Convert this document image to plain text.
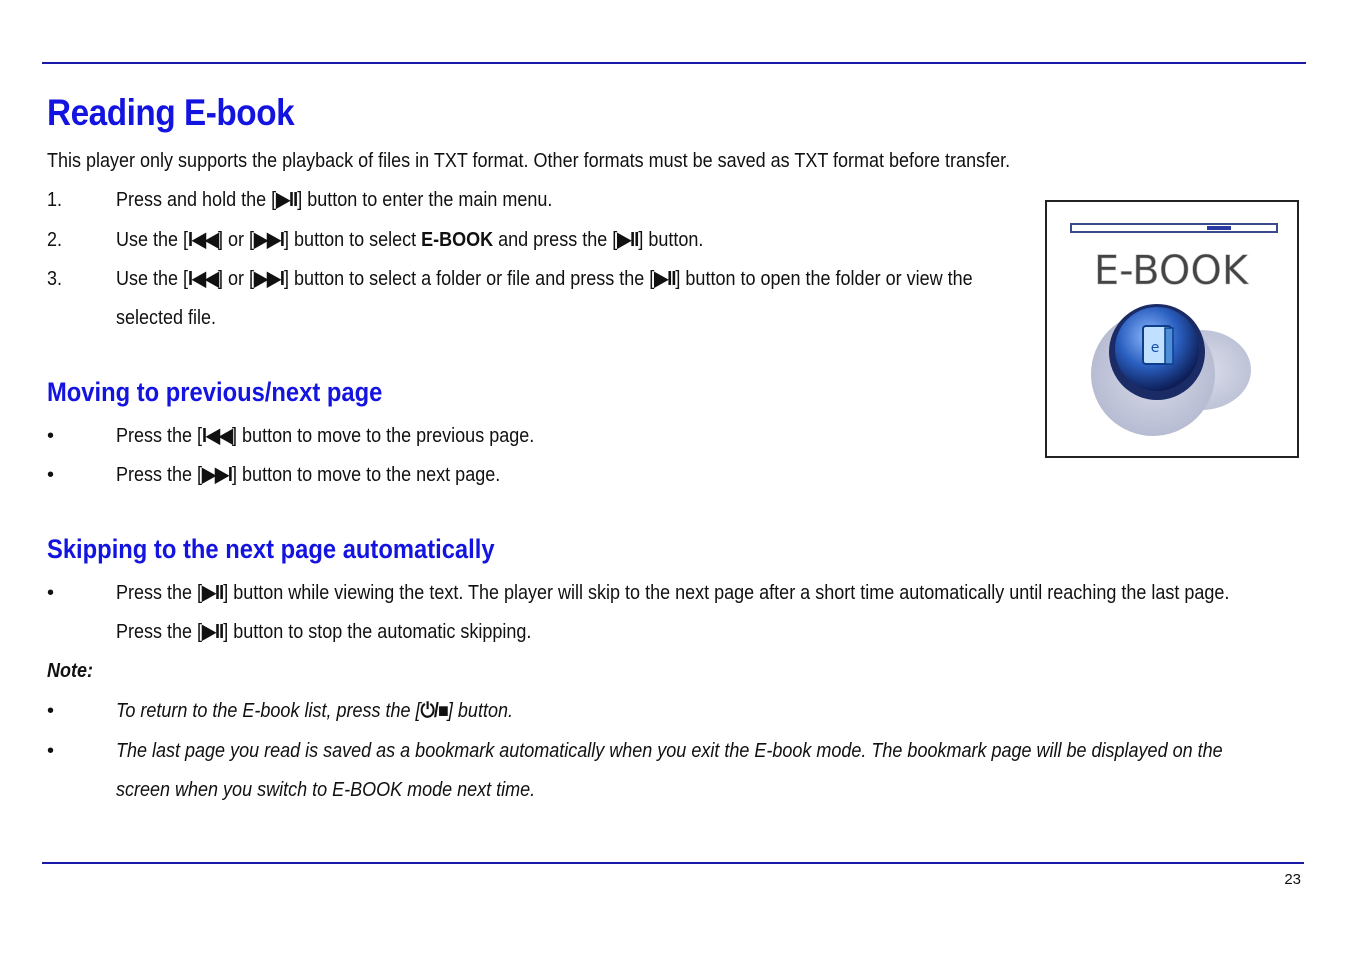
Reading E-book
This player only supports the playback of files in TXT format. Other formats must be saved as TXT format before transfer.
1.	Press and hold the [▶II] button to enter the main menu.
2.	Use the [I◀◀] or [▶▶I] button to select E-BOOK and press the [▶II] button.
3.	Use the [I◀◀] or [▶▶I] button to select a folder or file and press the [▶II] button to open the folder or view the
selected file.
Moving to previous/next page
•	Press the [I◀◀] button to move to the previous page.
•	Press the [▶▶I] button to move to the next page.
Skipping to the next page automatically
•	Press the [▶II] button while viewing the text. The player will skip to the next page after a short time automatically until reaching the last page.
Press the [▶II] button to stop the automatic skipping.
Note:
•	To return to the E-book list, press the [⏻/■] button.
•	The last page you read is saved as a bookmark automatically when you exit the E-book mode. The bookmark page will be displayed on the
screen when you switch to E-BOOK mode next time.
E-BOOK
e
23
